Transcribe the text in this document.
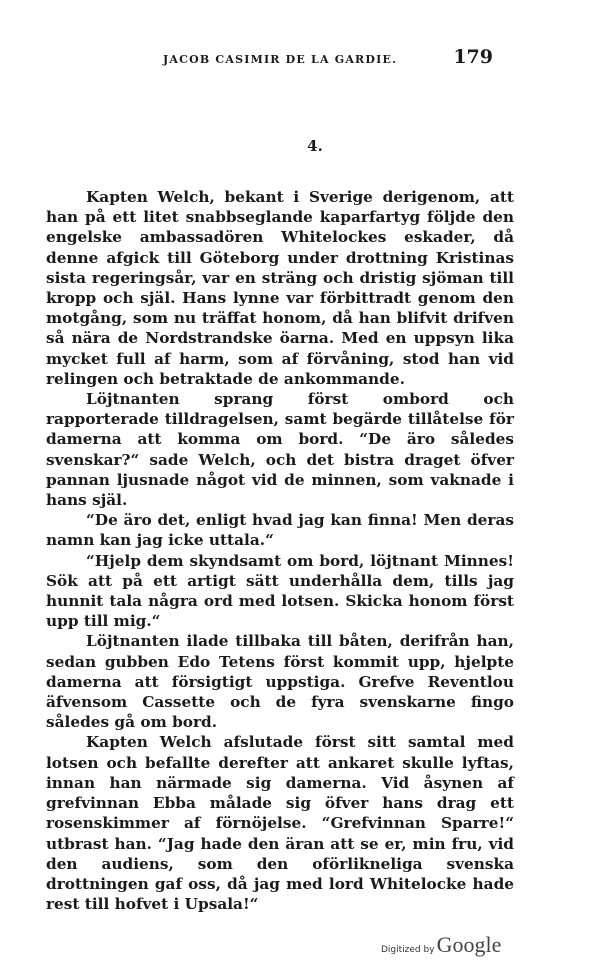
JACOB CASIMIR DE LA GARDIE.	179
4.

Kapten Welch, bekant i Sverige derigenom, att han på ett litet snabbseglande kaparfartyg följde den engelske ambassadören Whitelockes eskader, då denne afgick till Göteborg under drottning Kristinas sista regeringsår, var en sträng och dristig sjöman till kropp och själ. Hans lynne var förbittradt genom den motgång, som nu träffat honom, då han blifvit drifven så nära de Nordstrandske öarna. Med en uppsyn lika mycket full af harm, som af förvåning, stod han vid relingen och betraktade de ankommande.

Löjtnanten sprang först ombord och rapporterade tilldragelsen, samt begärde tillåtelse för damerna att komma om bord. “De äro således svenskar?“ sade Welch, och det bistra draget öfver pannan ljusnade något vid de minnen, som vaknade i hans själ.

“De äro det, enligt hvad jag kan finna! Men deras namn kan jag icke uttala.“

“Hjelp dem skyndsamt om bord, löjtnant Minnes! Sök att på ett artigt sätt underhålla dem, tills jag hunnit tala några ord med lotsen. Skicka honom först upp till mig.“

Löjtnanten ilade tillbaka till båten, derifrån han, sedan gubben Edo Tetens först kommit upp, hjelpte damerna att försigtigt uppstiga. Grefve Reventlou äfvensom Cassette och de fyra svenskarne fingo således gå om bord.

Kapten Welch afslutade först sitt samtal med lotsen och befallte derefter att ankaret skulle lyftas, innan han närmade sig damerna. Vid åsynen af grefvinnan Ebba målade sig öfver hans drag ett rosenskimmer af förnöjelse. “Grefvinnan Sparre!“ utbrast han. “Jag hade den äran att se er, min fru, vid den audiens, som den oförlikneliga svenska drottningen gaf oss, då jag med lord Whitelocke hade rest till hofvet i Upsala!“

Digitized by Google
